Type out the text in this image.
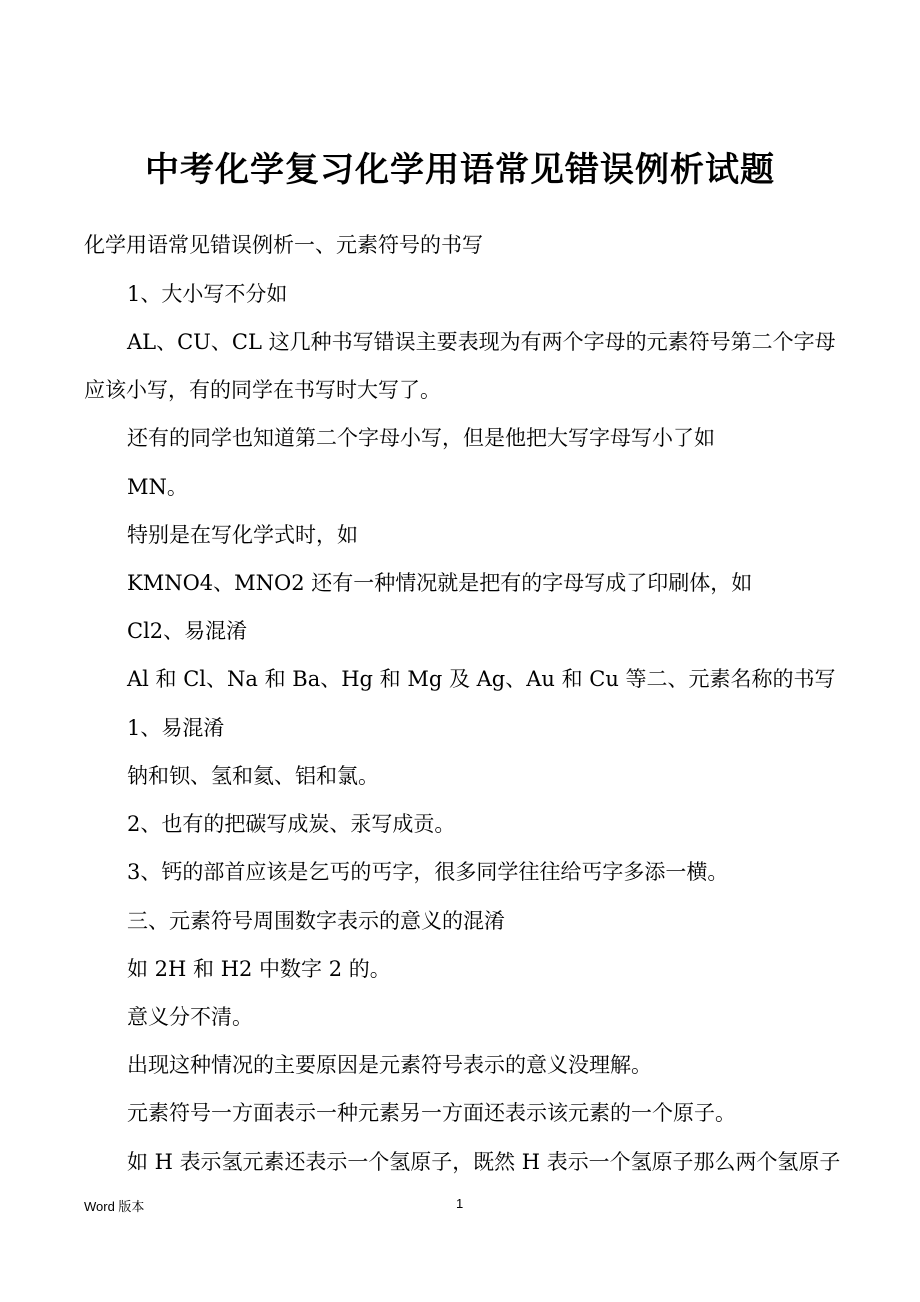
中考化学复习化学用语常见错误例析试题
化学用语常见错误例析一、元素符号的书写
1、大小写不分如
AL、CU、CL 这几种书写错误主要表现为有两个字母的元素符号第二个字母
应该小写，有的同学在书写时大写了。
还有的同学也知道第二个字母小写，但是他把大写字母写小了如
MN。
特别是在写化学式时，如
KMNO4、MNO2 还有一种情况就是把有的字母写成了印刷体，如
Cl2、易混淆
Al 和 Cl、Na 和 Ba、Hg 和 Mg 及 Ag、Au 和 Cu 等二、元素名称的书写
1、易混淆
钠和钡、氢和氦、铝和氯。
2、也有的把碳写成炭、汞写成贡。
3、钙的部首应该是乞丐的丐字，很多同学往往给丐字多添一横。
三、元素符号周围数字表示的意义的混淆
如 2H 和 H2 中数字 2 的。
意义分不清。
出现这种情况的主要原因是元素符号表示的意义没理解。
元素符号一方面表示一种元素另一方面还表示该元素的一个原子。
如 H 表示氢元素还表示一个氢原子，既然 H 表示一个氢原子那么两个氢原子
Word 版本	1
